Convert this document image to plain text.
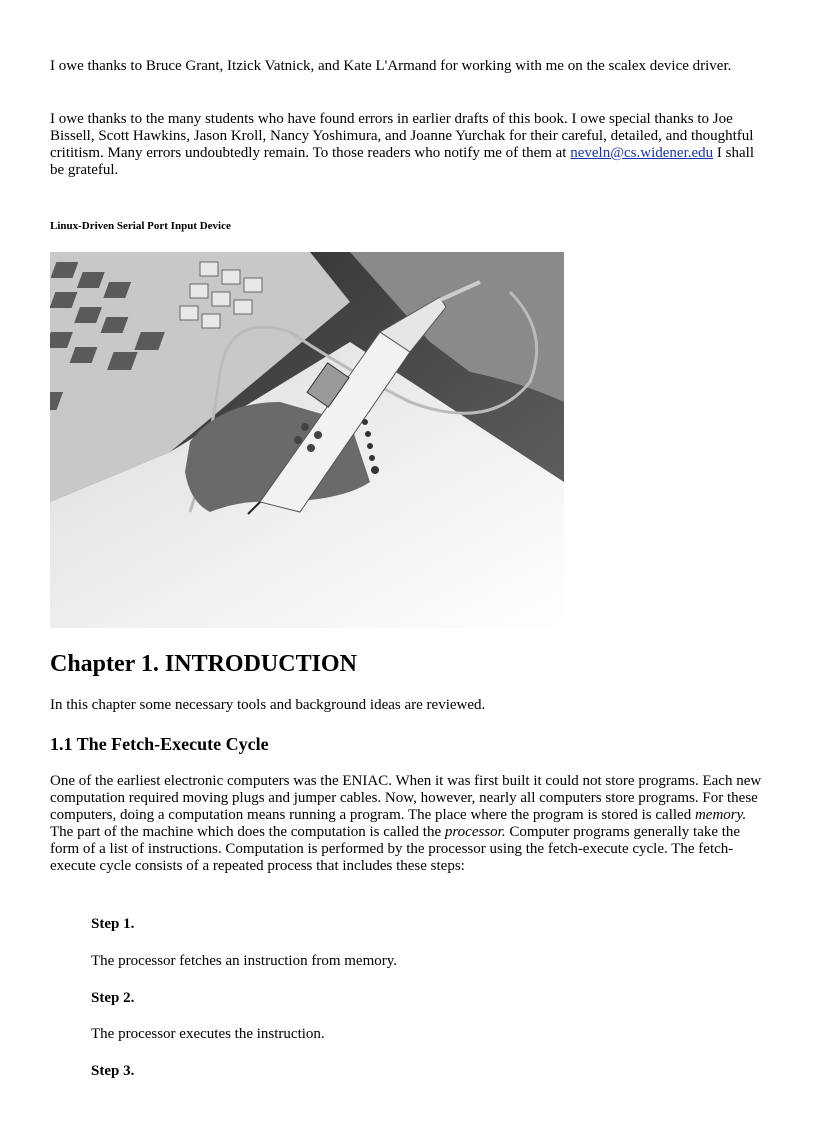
I owe thanks to Bruce Grant, Itzick Vatnick, and Kate L'Armand for working with me on the scalex device driver.

I owe thanks to the many students who have found errors in earlier drafts of this book. I owe special thanks to Joe Bissell, Scott Hawkins, Jason Kroll, Nancy Yoshimura, and Joanne Yurchak for their careful, detailed, and thoughtful crititism. Many errors undoubtedly remain. To those readers who notify me of them at neveln@cs.widener.edu I shall be grateful.

Linux-Driven Serial Port Input Device
Chapter 1. INTRODUCTION

In this chapter some necessary tools and background ideas are reviewed.

1.1 The Fetch-Execute Cycle

One of the earliest electronic computers was the ENIAC. When it was first built it could not store programs. Each new computation required moving plugs and jumper cables. Now, however, nearly all computers store programs. For these computers, doing a computation means running a program. The place where the program is stored is called memory. The part of the machine which does the computation is called the processor. Computer programs generally take the form of a list of instructions. Computation is performed by the processor using the fetch-execute cycle. The fetch-execute cycle consists of a repeated process that includes these steps:

Step 1.
The processor fetches an instruction from memory.
Step 2.
The processor executes the instruction.
Step 3.
